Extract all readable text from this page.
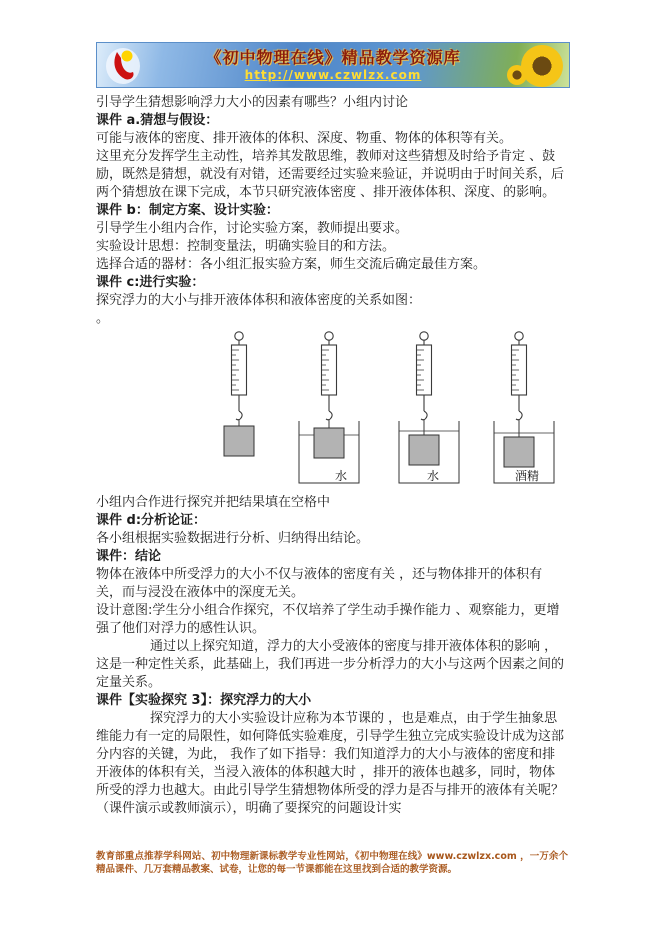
《初中物理在线》精品教学资源库
http://www.czwlzx.com

引导学生猜想影响浮力大小的因素有哪些？小组内讨论

课件 a.猜想与假设：

可能与液体的密度、排开液体的体积、深度、物重、物体的体积等有关。

这里充分发挥学生主动性，培养其发散思维，教师对这些猜想及时给予肯定 、鼓励，既然是猜想，就没有对错，还需要经过实验来验证，并说明由于时间关系，后两个猜想放在课下完成，本节只研究液体密度 、排开液体体积、深度、的影响。

课件 b：制定方案、设计实验：

引导学生小组内合作，讨论实验方案，教师提出要求。

实验设计思想：控制变量法，明确实验目的和方法。

选择合适的器材：各小组汇报实验方案，师生交流后确定最佳方案。

课件 c:进行实验：

探究浮力的大小与排开液体体积和液体密度的关系如图：

。

水	水	酒精

小组内合作进行探究并把结果填在空格中

课件 d:分析论证：

各小组根据实验数据进行分析、归纳得出结论。

课件：结论

物体在液体中所受浮力的大小不仅与液体的密度有关 ，还与物体排开的体积有关，而与浸没在液体中的深度无关。

设计意图:学生分小组合作探究，不仅培养了学生动手操作能力 、观察能力，更增强了他们对浮力的感性认识。

通过以上探究知道，浮力的大小受液体的密度与排开液体体积的影响 ，这是一种定性关系，此基础上，我们再进一步分析浮力的大小与这两个因素之间的定量关系。

课件【实验探究 3】：探究浮力的大小

探究浮力的大小实验设计应称为本节课的 ，也是难点，由于学生抽象思维能力有一定的局限性，如何降低实验难度，引导学生独立完成实验设计成为这部分内容的关键，为此， 我作了如下指导：我们知道浮力的大小与液体的密度和排开液体的体积有关，当浸入液体的体积越大时 ，排开的液体也越多，同时，物体所受的浮力也越大。由此引导学生猜想物体所受的浮力是否与排开的液体有关呢？ （课件演示或教师演示），明确了要探究的问题设计实

教育部重点推荐学科网站、初中物理新课标教学专业性网站，《初中物理在线》www.czwlzx.com ，一万余个精品课件、几万套精品教案、试卷，让您的每一节课都能在这里找到合适的教学资源。
